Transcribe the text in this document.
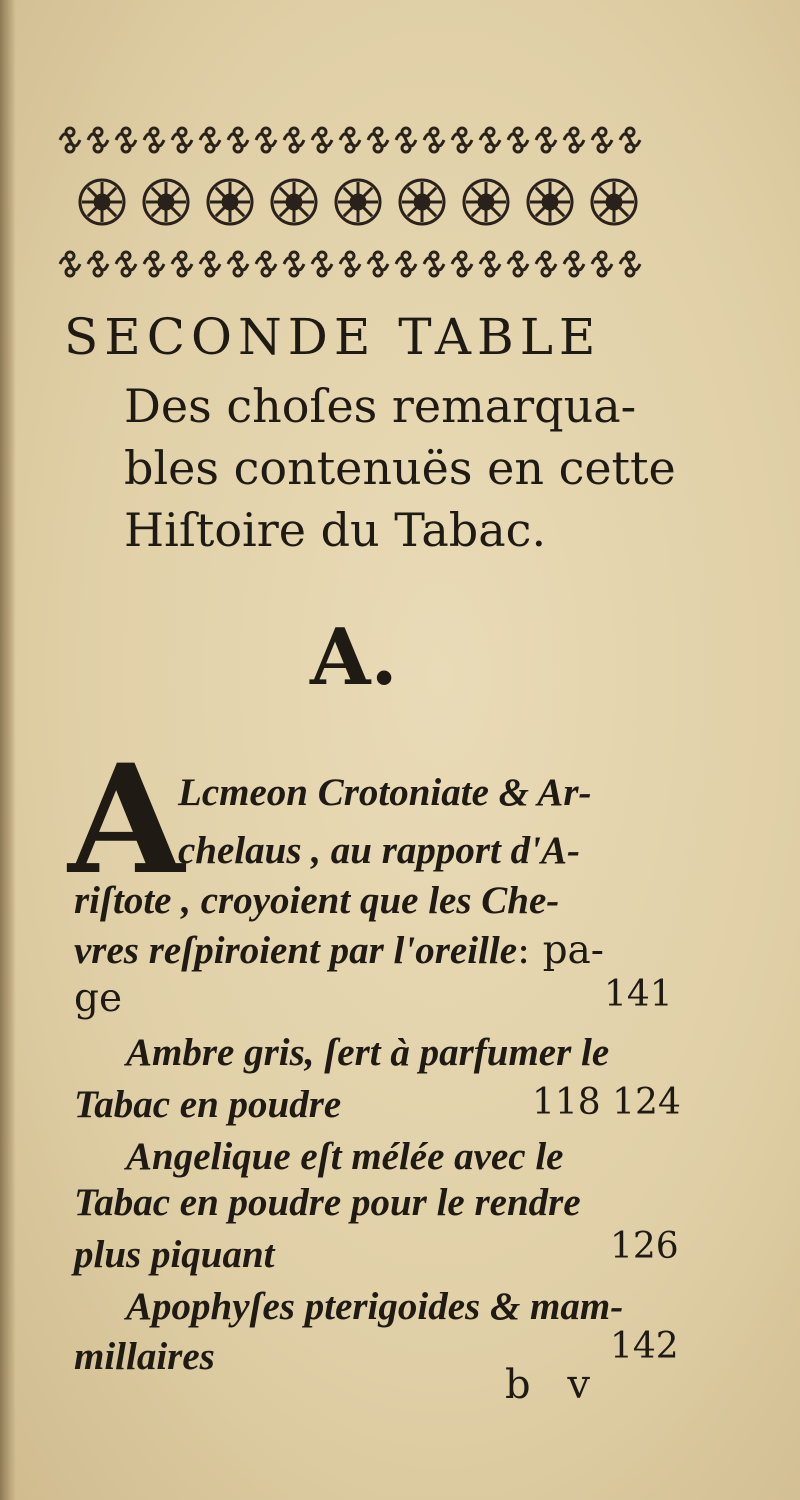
SECONDE TABLE
Des choſes remarqua-
bles contenuës en cette
Hiſtoire du Tabac.
A.
A
Lcmeon Crotoniate & Ar-
chelaus , au rapport d'A-
riſtote , croyoient que les Che-
vres reſpiroient par l'oreille: pa-
ge	141
Ambre gris, ſert à parfumer le
Tabac en poudre	118 124
Angelique eſt mélée avec le
Tabac en poudre pour le rendre
plus piquant	126
Apophyſes pterigoides & mam-
millaires	142
b v
